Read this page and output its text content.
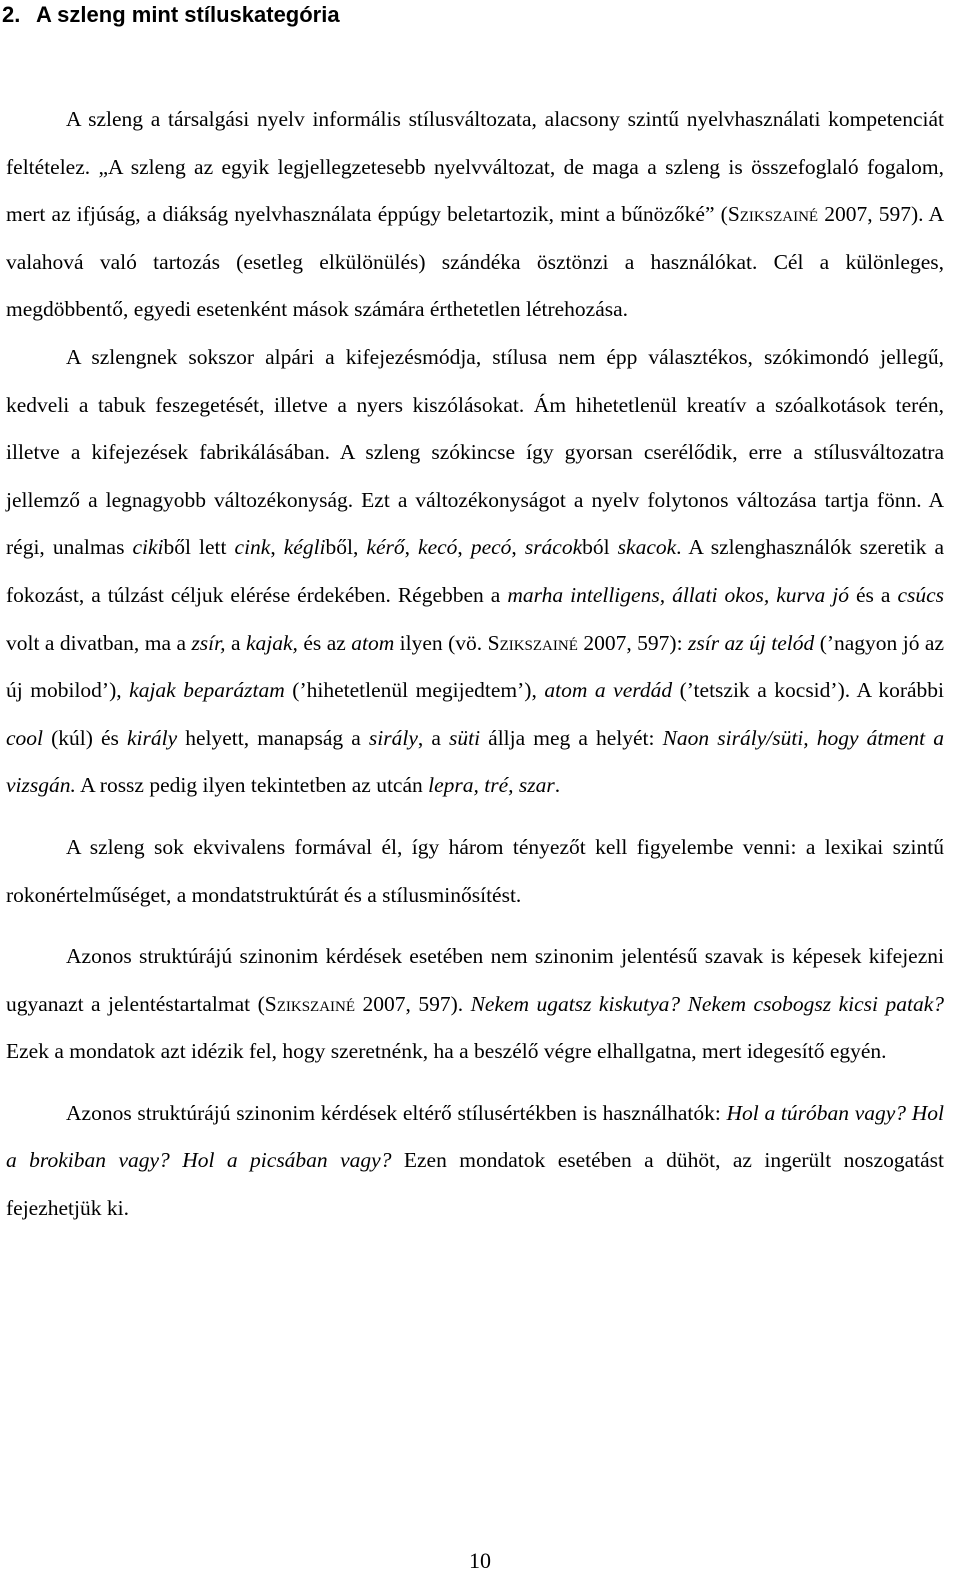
2. A szleng mint stíluskategória

A szleng a társalgási nyelv informális stílusváltozata, alacsony szintű nyelvhasználati kompetenciát feltételez. „A szleng az egyik legjellegzetesebb nyelvváltozat, de maga a szleng is összefoglaló fogalom, mert az ifjúság, a diákság nyelvhasználata éppúgy beletartozik, mint a bűnözőké” (Szikszainé 2007, 597). A valahová való tartozás (esetleg elkülönülés) szándéka ösztönzi a használókat. Cél a különleges, megdöbbentő, egyedi esetenként mások számára érthetetlen létrehozása.

A szlengnek sokszor alpári a kifejezésmódja, stílusa nem épp választékos, szókimondó jellegű, kedveli a tabuk feszegetését, illetve a nyers kiszólásokat. Ám hihetetlenül kreatív a szóalkotások terén, illetve a kifejezések fabrikálásában. A szleng szókincse így gyorsan cserélődik, erre a stílusváltozatra jellemző a legnagyobb változékonyság. Ezt a változékonyságot a nyelv folytonos változása tartja fönn. A régi, unalmas cikiből lett cink, kégliből, kérő, kecó, pecó, srácokból skacok. A szlenghasználók szeretik a fokozást, a túlzást céljuk elérése érdekében. Régebben a marha intelligens, állati okos, kurva jó és a csúcs volt a divatban, ma a zsír, a kajak, és az atom ilyen (vö. Szikszainé 2007, 597): zsír az új telód (’nagyon jó az új mobilod’), kajak beparáztam (’hihetetlenül megijedtem’), atom a verdád (’tetszik a kocsid’). A korábbi cool (kúl) és király helyett, manapság a sirály, a süti állja meg a helyét: Naon sirály/süti, hogy átment a vizsgán. A rossz pedig ilyen tekintetben az utcán lepra, tré, szar.

A szleng sok ekvivalens formával él, így három tényezőt kell figyelembe venni: a lexikai szintű rokonértelműséget, a mondatstruktúrát és a stílusminősítést.

Azonos struktúrájú szinonim kérdések esetében nem szinonim jelentésű szavak is képesek kifejezni ugyanazt a jelentéstartalmat (Szikszainé 2007, 597). Nekem ugatsz kiskutya? Nekem csobogsz kicsi patak? Ezek a mondatok azt idézik fel, hogy szeretnénk, ha a beszélő végre elhallgatna, mert idegesítő egyén.

Azonos struktúrájú szinonim kérdések eltérő stílusértékben is használhatók: Hol a túróban vagy? Hol a brokiban vagy? Hol a picsában vagy? Ezen mondatok esetében a dühöt, az ingerült noszogatást fejezhetjük ki.

10
